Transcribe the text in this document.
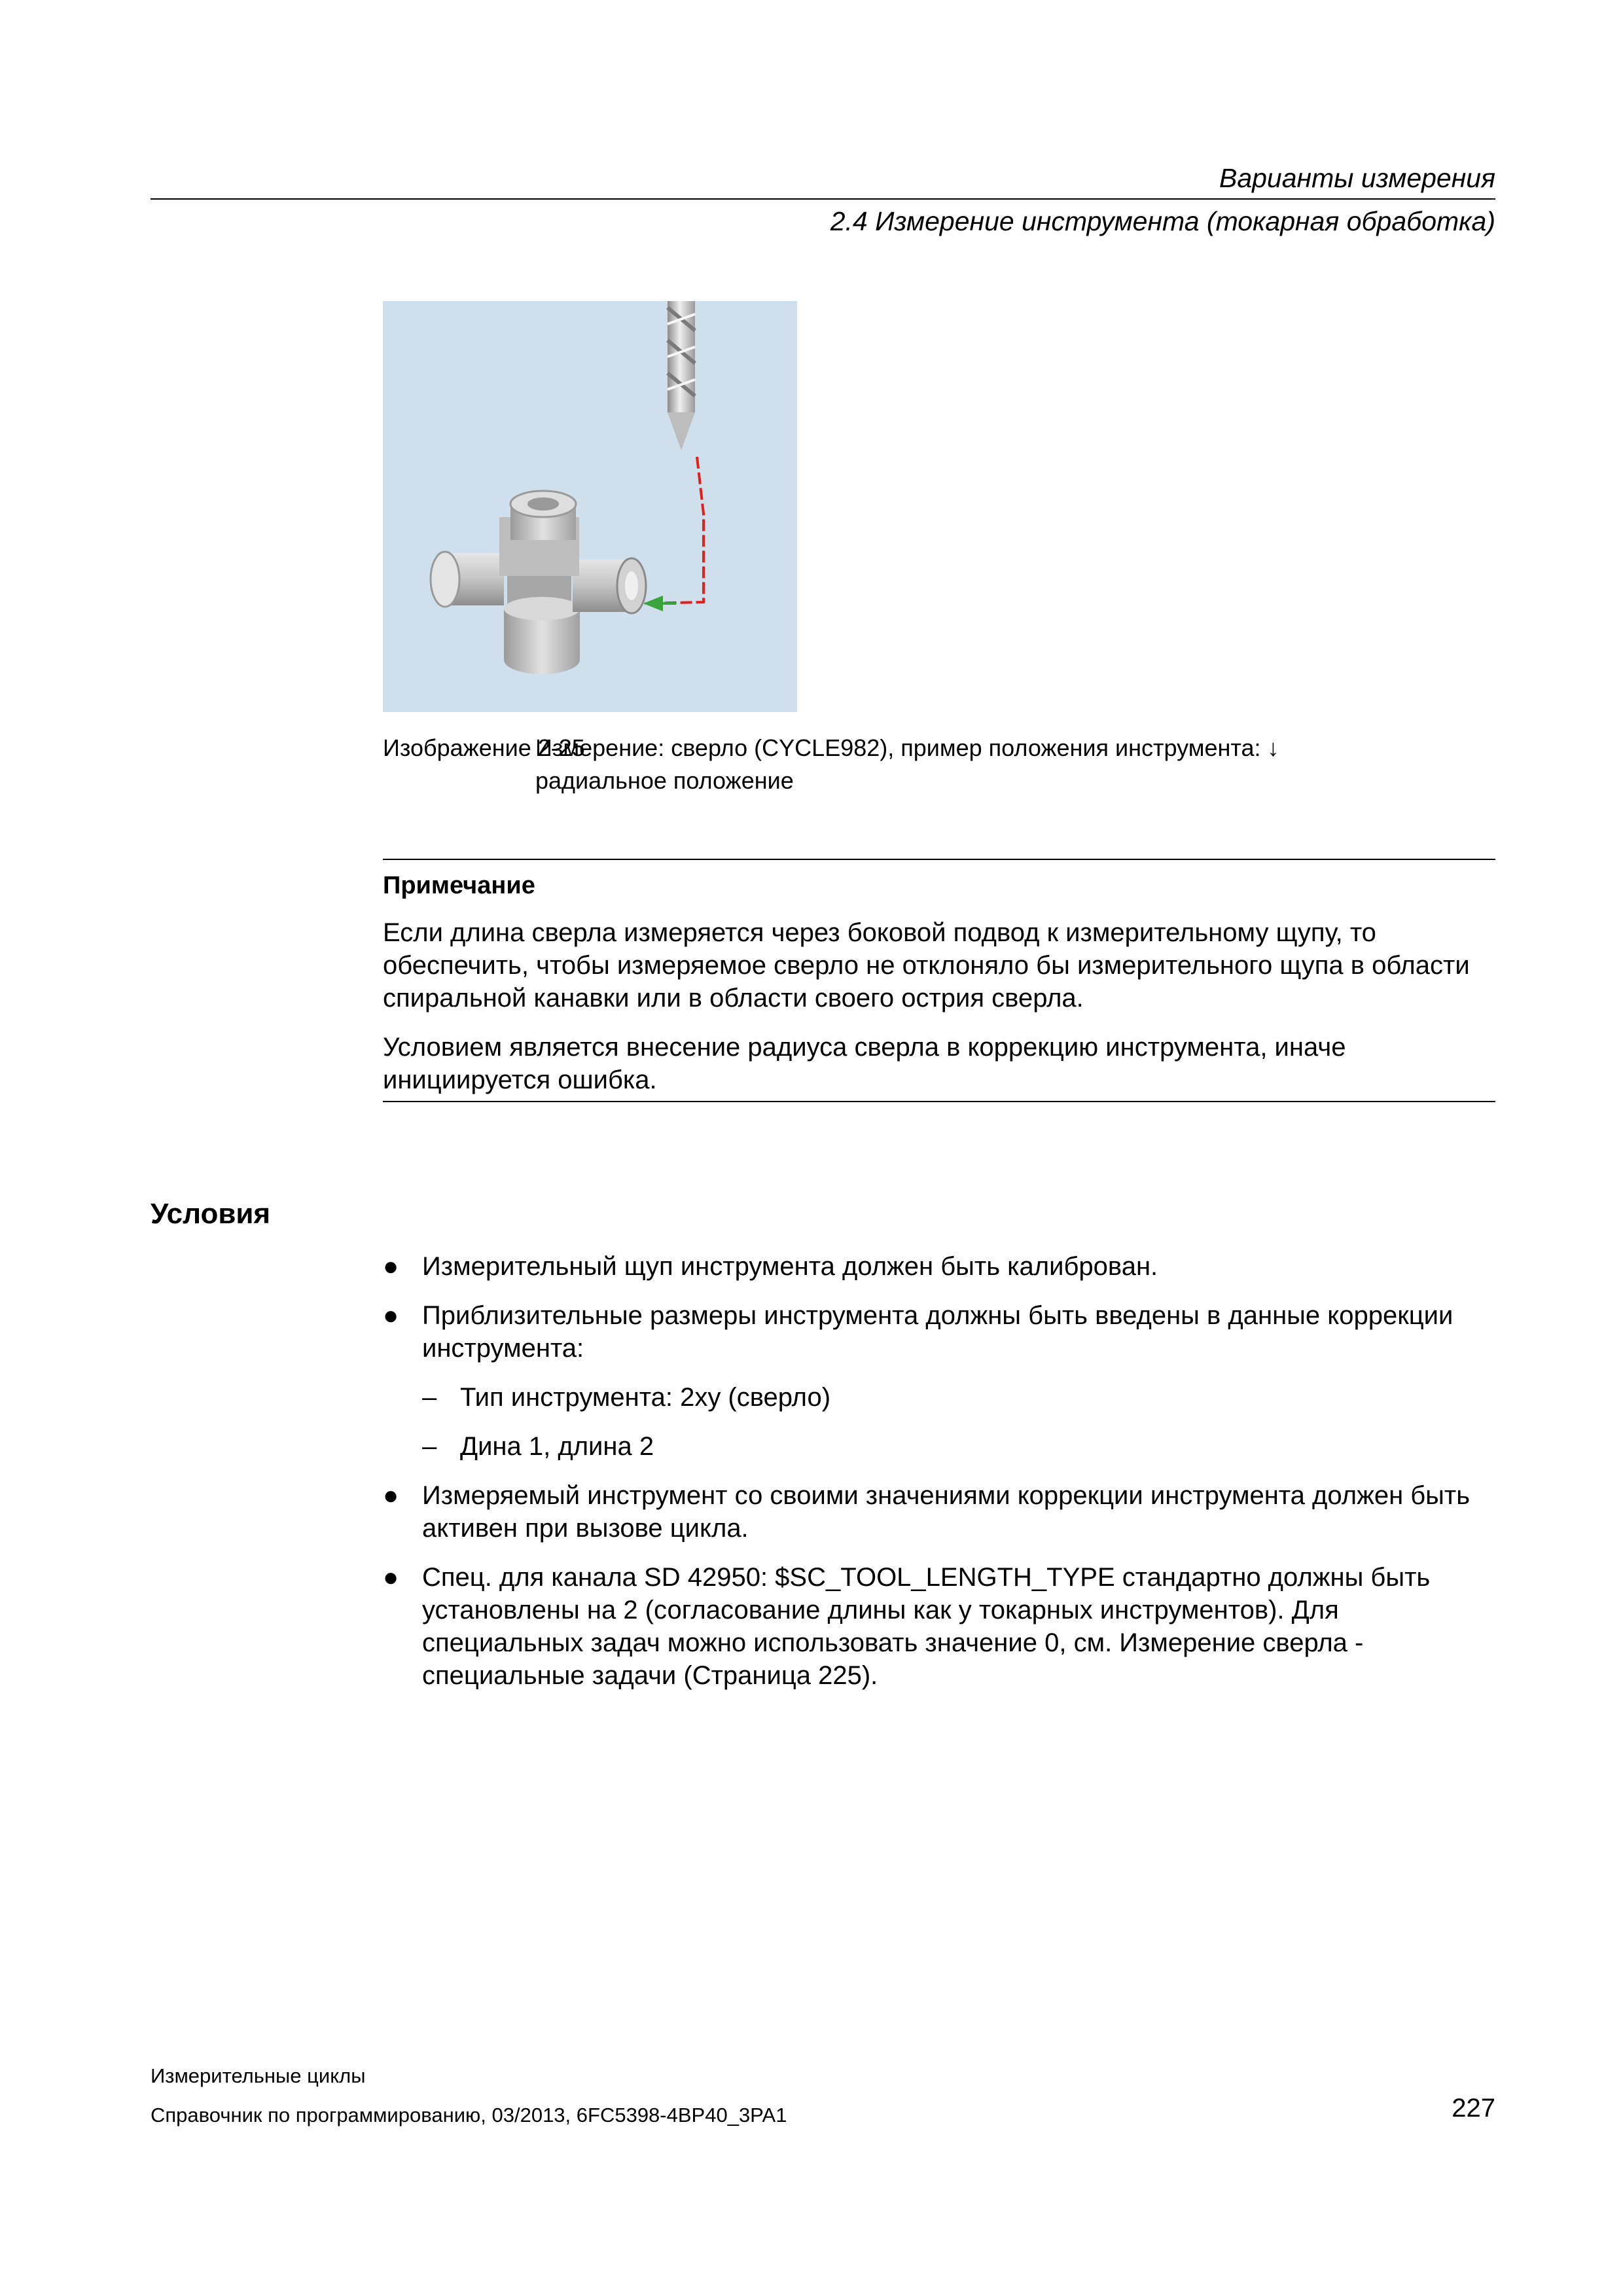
Варианты измерения
2.4 Измерение инструмента (токарная обработка)
Изображение 2-25
Измерение: сверло (CYCLE982), пример положения инструмента: ↓
радиальное положение
Примечание
Если длина сверла измеряется через боковой подвод к измерительному щупу, то обеспечить, чтобы измеряемое сверло не отклоняло бы измерительного щупа в области спиральной канавки или в области своего острия сверла.
Условием является внесение радиуса сверла в коррекцию инструмента, иначе инициируется ошибка.
Условия
● Измерительный щуп инструмента должен быть калиброван.
● Приблизительные размеры инструмента должны быть введены в данные коррекции инструмента:
– Тип инструмента: 2xy (сверло)
– Дина 1, длина 2
● Измеряемый инструмент со своими значениями коррекции инструмента должен быть активен при вызове цикла.
● Спец. для канала SD 42950: $SC_TOOL_LENGTH_TYPE стандартно должны быть установлены на 2 (согласование длины как у токарных инструментов). Для специальных задач можно использовать значение 0, см. Измерение сверла - специальные задачи (Страница 225).
Измерительные циклы
Справочник по программированию, 03/2013, 6FC5398-4BP40_3PA1	227
